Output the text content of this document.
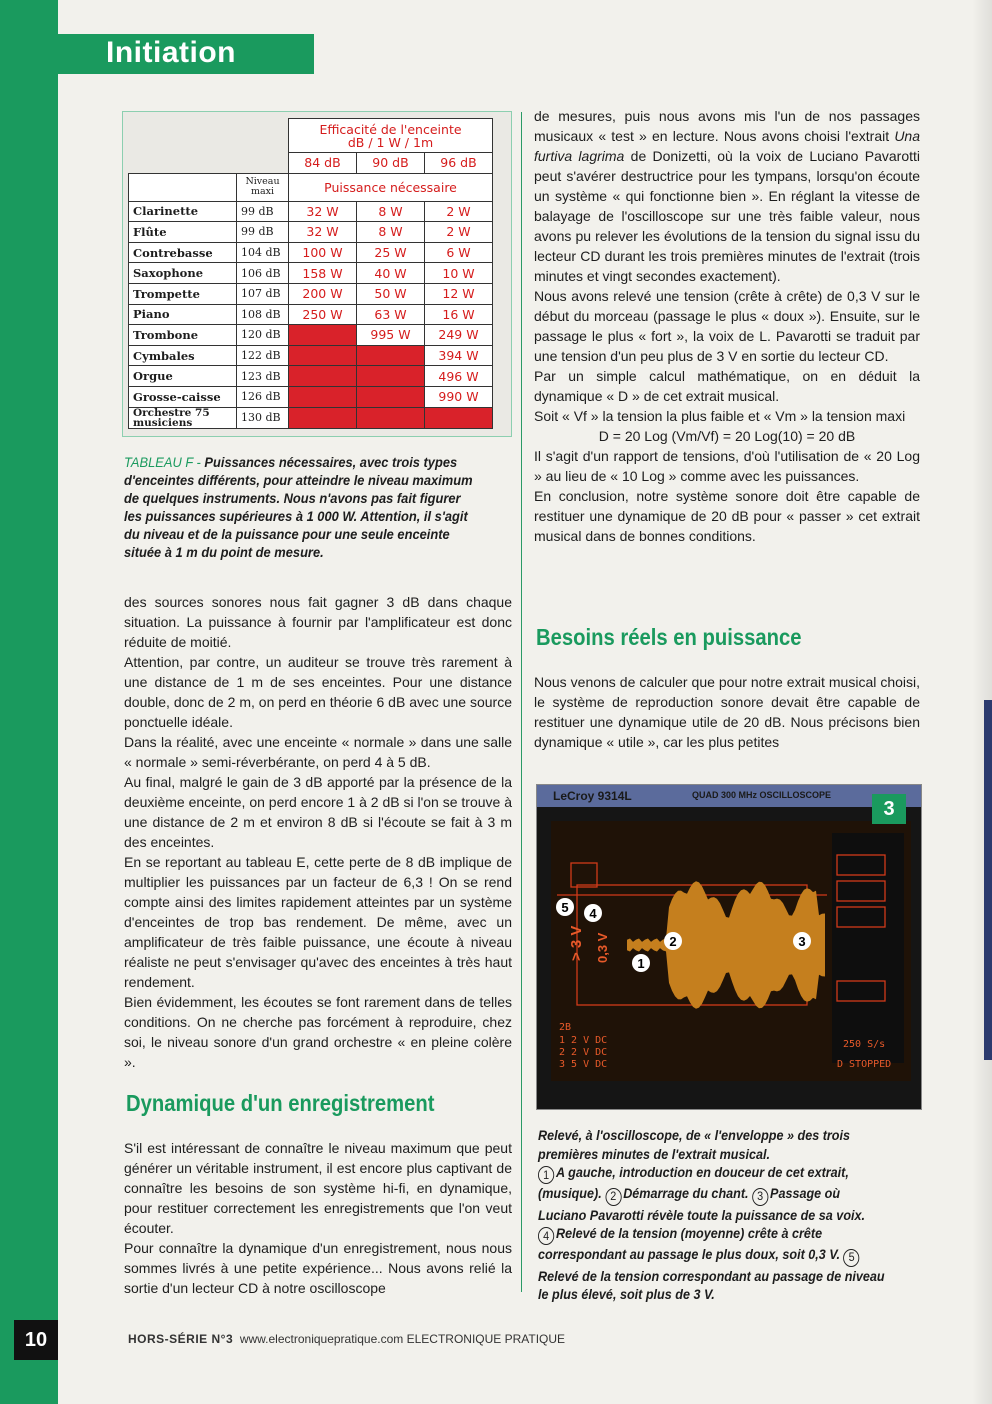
Initiation
		Efficacité de l'enceinte
dB / 1 W / 1m		
		84 dB	90 dB	96 dB
	Niveau maxi	Puissance nécessaire		
Clarinette	99 dB	32 W	8 W	2 W
Flûte	99 dB	32 W	8 W	2 W
Contrebasse	104 dB	100 W	25 W	6 W
Saxophone	106 dB	158 W	40 W	10 W
Trompette	107 dB	200 W	50 W	12 W
Piano	108 dB	250 W	63 W	16 W
Trombone	120 dB		995 W	249 W
Cymbales	122 dB			394 W
Orgue	123 dB			496 W
Grosse-caisse	126 dB			990 W
Orchestre 75 musiciens	130 dB			
TABLEAU F - Puissances nécessaires, avec trois types d'enceintes différents, pour atteindre le niveau maximum de quelques instruments. Nous n'avons pas fait figurer les puissances supérieures à 1 000 W. Attention, il s'agit du niveau et de la puissance pour une seule enceinte située à 1 m du point de mesure.

des sources sonores nous fait gagner 3 dB dans chaque situation. La puissance à fournir par l'amplificateur est donc réduite de moitié.

Attention, par contre, un auditeur se trouve très rarement à une distance de 1 m de ses enceintes. Pour une distance double, donc de 2 m, on perd en théorie 6 dB avec une source ponctuelle idéale.

Dans la réalité, avec une enceinte « normale » dans une salle « normale » semi-réverbérante, on perd 4 à 5 dB.

Au final, malgré le gain de 3 dB apporté par la présence de la deuxième enceinte, on perd encore 1 à 2 dB si l'on se trouve à une distance de 2 m et environ 8 dB si l'écoute se fait à 3 m des enceintes.

En se reportant au tableau E, cette perte de 8 dB implique de multiplier les puissances par un facteur de 6,3 ! On se rend compte ainsi des limites rapidement atteintes par un système d'enceintes de trop bas rendement. De même, avec un amplificateur de très faible puissance, une écoute à niveau réaliste ne peut s'envisager qu'avec des enceintes à très haut rendement.

Bien évidemment, les écoutes se font rarement dans de telles conditions. On ne cherche pas forcément à reproduire, chez soi, le niveau sonore d'un grand orchestre « en pleine colère ».

Dynamique d'un enregistrement

S'il est intéressant de connaître le niveau maximum que peut générer un véritable instrument, il est encore plus captivant de connaître les besoins de son système hi-fi, en dynamique, pour restituer correctement les enregistrements que l'on veut écouter.

Pour connaître la dynamique d'un enregistrement, nous nous sommes livrés à une petite expérience... Nous avons relié la sortie d'un lecteur CD à notre oscilloscope

de mesures, puis nous avons mis l'un de nos passages musicaux « test » en lecture. Nous avons choisi l'extrait Una furtiva lagrima de Donizetti, où la voix de Luciano Pavarotti peut s'avérer destructrice pour les tympans, lorsqu'on écoute un système « qui fonctionne bien ». En réglant la vitesse de balayage de l'oscilloscope sur une très faible valeur, nous avons pu relever les évolutions de la tension du signal issu du lecteur CD durant les trois premières minutes de l'extrait (trois minutes et vingt secondes exactement).

Nous avons relevé une tension (crête à crête) de 0,3 V sur le début du morceau (passage le plus « doux »). Ensuite, sur le passage le plus « fort », la voix de L. Pavarotti se traduit par une tension d'un peu plus de 3 V en sortie du lecteur CD.

Par un simple calcul mathématique, on en déduit la dynamique « D » de cet extrait musical.

Soit « Vf » la tension la plus faible et « Vm » la tension maxi

D = 20 Log (Vm/Vf) = 20 Log(10) = 20 dB

Il s'agit d'un rapport de tensions, d'où l'utilisation de « 20 Log » au lieu de « 10 Log » comme avec les puissances.

En conclusion, notre système sonore doit être capable de restituer une dynamique de 20 dB pour « passer » cet extrait musical dans de bonnes conditions.

Besoins réels en puissance

Nous venons de calculer que pour notre extrait musical choisi, le système de reproduction sonore devait être capable de restituer une dynamique utile de 20 dB. Nous précisons bien dynamique « utile », car les plus petites

LeCroy 9314L	QUAD 300 MHz OSCILLOSCOPE
2B
1 2 V DC
2 2 V DC
3 5 V DC
250 S/s
D STOPPED
> 3 V 0,3 V
5 4
1
2	3
3
Relevé, à l'oscilloscope, de « l'enveloppe » des trois premières minutes de l'extrait musical.
1 A gauche, introduction en douceur de cet extrait, (musique). 2 Démarrage du chant. 3 Passage où Luciano Pavarotti révèle toute la puissance de sa voix.
4 Relevé de la tension (moyenne) crête à crête correspondant au passage le plus doux, soit 0,3 V. 5Relevé de la tension correspondant au passage de niveau le plus élevé, soit plus de 3 V.
10	HORS-SÉRIE N°3 www.electroniquepratique.com ELECTRONIQUE PRATIQUE
